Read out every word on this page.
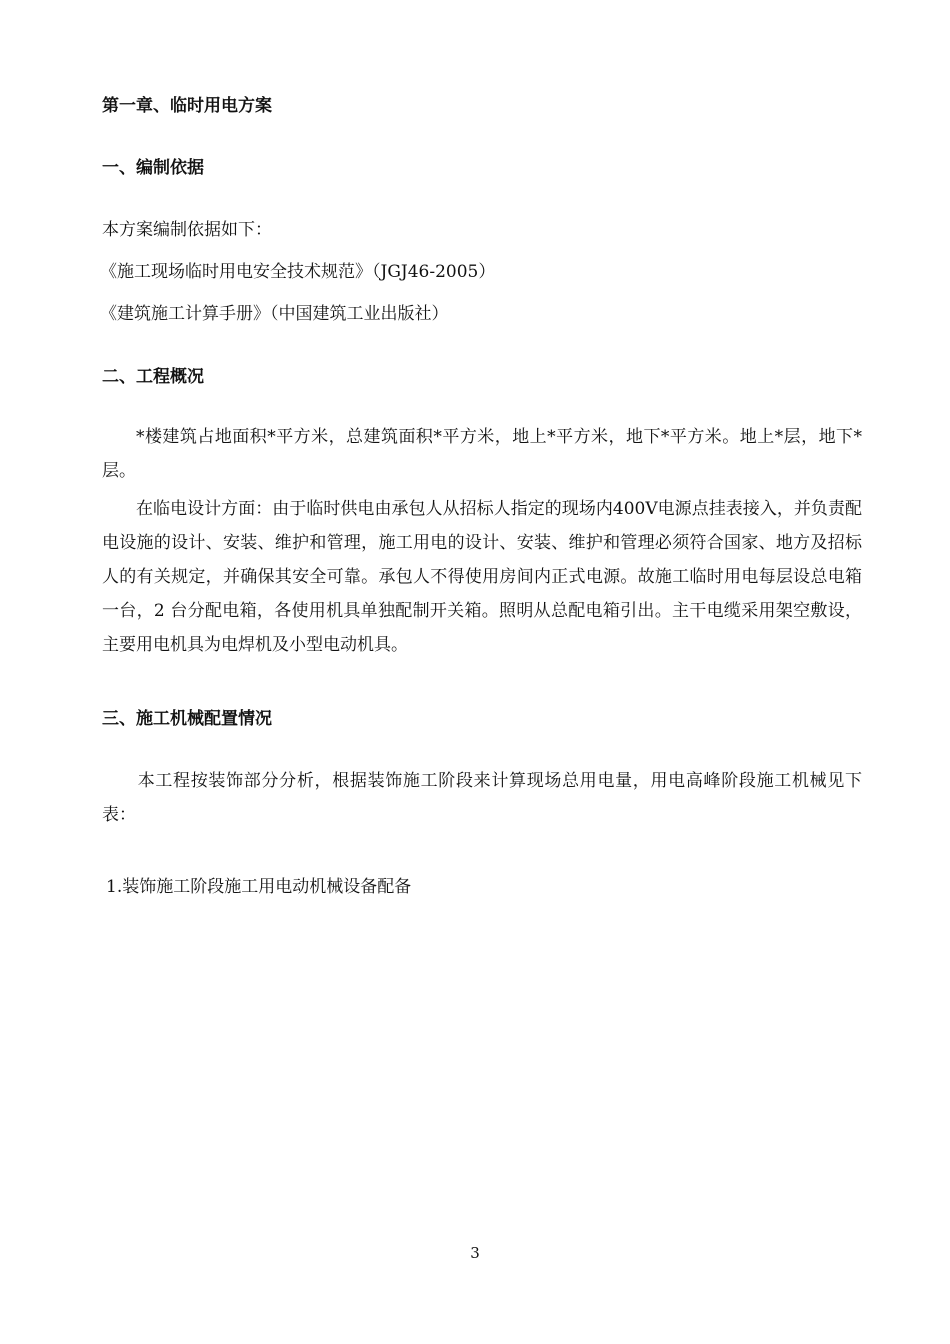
第一章、临时用电方案
一、编制依据
本方案编制依据如下：
《施工现场临时用电安全技术规范》（JGJ46-2005）
《建筑施工计算手册》（中国建筑工业出版社）
二、工程概况
*楼建筑占地面积*平方米，总建筑面积*平方米，地上*平方米，地下*平方米。地上*层，地下*层。
在临电设计方面：由于临时供电由承包人从招标人指定的现场内400V电源点挂表接入，并负责配电设施的设计、安装、维护和管理，施工用电的设计、安装、维护和管理必须符合国家、地方及招标人的有关规定，并确保其安全可靠。承包人不得使用房间内正式电源。故施工临时用电每层设总电箱一台，2 台分配电箱，各使用机具单独配制开关箱。照明从总配电箱引出。主干电缆采用架空敷设，主要用电机具为电焊机及小型电动机具。
三、施工机械配置情况
本工程按装饰部分分析，根据装饰施工阶段来计算现场总用电量，用电高峰阶段施工机械见下表：
1.装饰施工阶段施工用电动机械设备配备
3
